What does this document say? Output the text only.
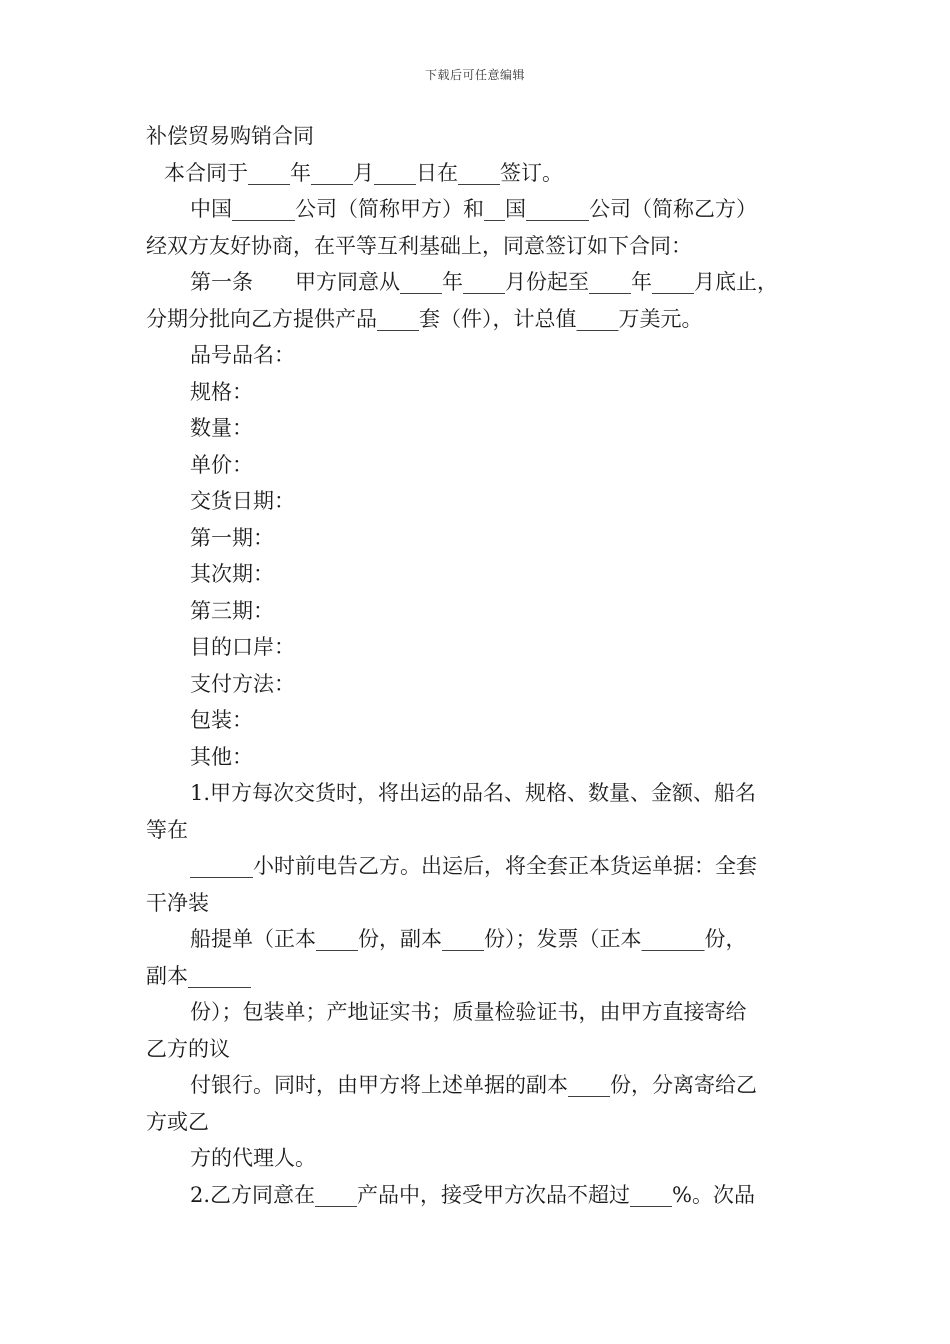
下载后可任意编辑

补偿贸易购销合同

本合同于____年____月____日在____签订。

中国______公司（简称甲方）和__国______公司（简称乙方）

经双方友好协商，在平等互利基础上，同意签订如下合同：

第一条　　甲方同意从____年____月份起至____年____月底止，

分期分批向乙方提供产品____套（件），计总值____万美元。

品号品名：

规格：

数量：

单价：

交货日期：

第一期：

其次期：

第三期：

目的口岸：

支付方法：

包装：

其他：

1.甲方每次交货时，将出运的品名、规格、数量、金额、船名

等在

______小时前电告乙方。出运后，将全套正本货运单据：全套

干净装

船提单（正本____份，副本____份）；发票（正本______份，

副本______

份）；包装单；产地证实书；质量检验证书，由甲方直接寄给

乙方的议

付银行。同时，由甲方将上述单据的副本____份，分离寄给乙

方或乙

方的代理人。

2.乙方同意在____产品中，接受甲方次品不超过____%。次品
